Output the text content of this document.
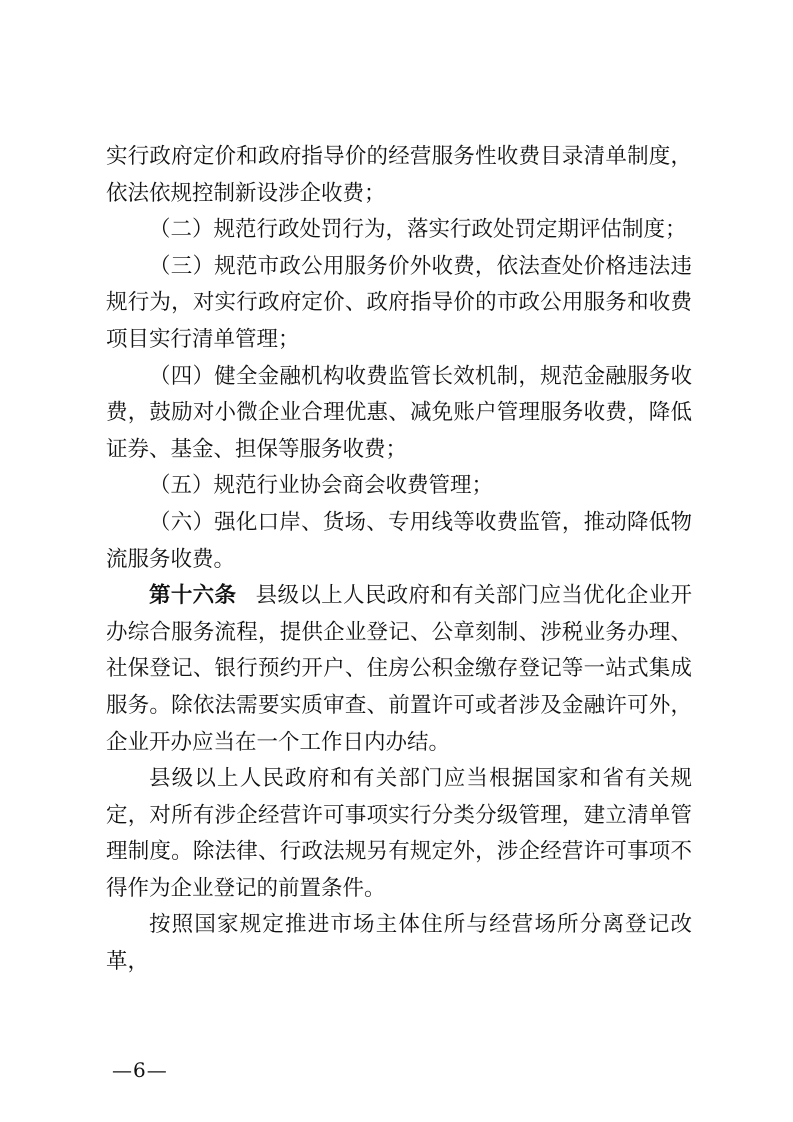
实行政府定价和政府指导价的经营服务性收费目录清单制度，依法依规控制新设涉企收费；

（二）规范行政处罚行为，落实行政处罚定期评估制度；

（三）规范市政公用服务价外收费，依法查处价格违法违规行为，对实行政府定价、政府指导价的市政公用服务和收费项目实行清单管理；

（四）健全金融机构收费监管长效机制，规范金融服务收费，鼓励对小微企业合理优惠、减免账户管理服务收费，降低证券、基金、担保等服务收费；

（五）规范行业协会商会收费管理；

（六）强化口岸、货场、专用线等收费监管，推动降低物流服务收费。

第十六条 县级以上人民政府和有关部门应当优化企业开办综合服务流程，提供企业登记、公章刻制、涉税业务办理、社保登记、银行预约开户、住房公积金缴存登记等一站式集成服务。除依法需要实质审查、前置许可或者涉及金融许可外，企业开办应当在一个工作日内办结。

县级以上人民政府和有关部门应当根据国家和省有关规定，对所有涉企经营许可事项实行分类分级管理，建立清单管理制度。除法律、行政法规另有规定外，涉企经营许可事项不得作为企业登记的前置条件。

按照国家规定推进市场主体住所与经营场所分离登记改革，

—6—
